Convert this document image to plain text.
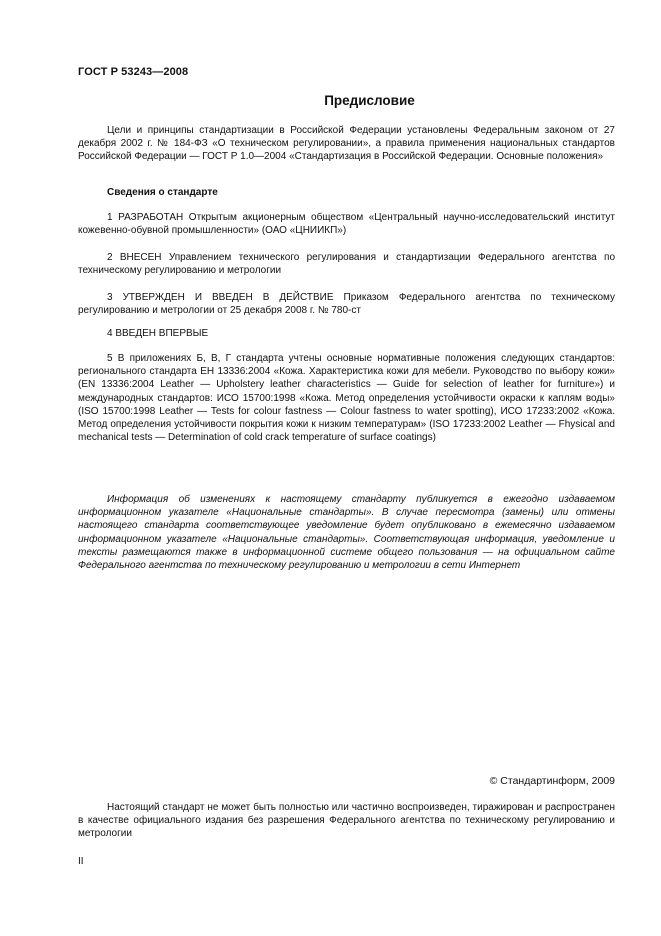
ГОСТ Р 53243—2008
Предисловие
Цели и принципы стандартизации в Российской Федерации установлены Федеральным законом от 27 декабря 2002 г. № 184-ФЗ «О техническом регулировании», а правила применения национальных стандартов Российской Федерации — ГОСТ Р 1.0—2004 «Стандартизация в Российской Федерации. Основные положения»
Сведения о стандарте
1 РАЗРАБОТАН Открытым акционерным обществом «Центральный научно-исследовательский институт кожевенно-обувной промышленности» (ОАО «ЦНИИКП»)
2 ВНЕСЕН Управлением технического регулирования и стандартизации Федерального агентства по техническому регулированию и метрологии
3 УТВЕРЖДЕН И ВВЕДЕН В ДЕЙСТВИЕ Приказом Федерального агентства по техническому регулированию и метрологии от 25 декабря 2008 г. № 780-ст
4 ВВЕДЕН ВПЕРВЫЕ
5 В приложениях Б, В, Г стандарта учтены основные нормативные положения следующих стандартов: регионального стандарта ЕН 13336:2004 «Кожа. Характеристика кожи для мебели. Руководство по выбору кожи» (EN 13336:2004 Leather — Upholstery leather characteristics — Guide for selection of leather for furniture») и международных стандартов: ИСО 15700:1998 «Кожа. Метод определения устойчивости окраски к каплям воды» (ISO 15700:1998 Leather — Tests for colour fastness — Colour fastness to water spotting), ИСО 17233:2002 «Кожа. Метод определения устойчивости покрытия кожи к низким температурам» (ISO 17233:2002 Leather — Fhysical and mechanical tests — Determination of cold crack temperature of surface coatings)
Информация об изменениях к настоящему стандарту публикуется в ежегодно издаваемом информационном указателе «Национальные стандарты». В случае пересмотра (замены) или отмены настоящего стандарта соответствующее уведомление будет опубликовано в ежемесячно издаваемом информационном указателе «Национальные стандарты». Соответствующая информация, уведомление и тексты размещаются также в информационной системе общего пользования — на официальном сайте Федерального агентства по техническому регулированию и метрологии в сети Интернет
© Стандартинформ, 2009
Настоящий стандарт не может быть полностью или частично воспроизведен, тиражирован и распространен в качестве официального издания без разрешения Федерального агентства по техническому регулированию и метрологии
II
